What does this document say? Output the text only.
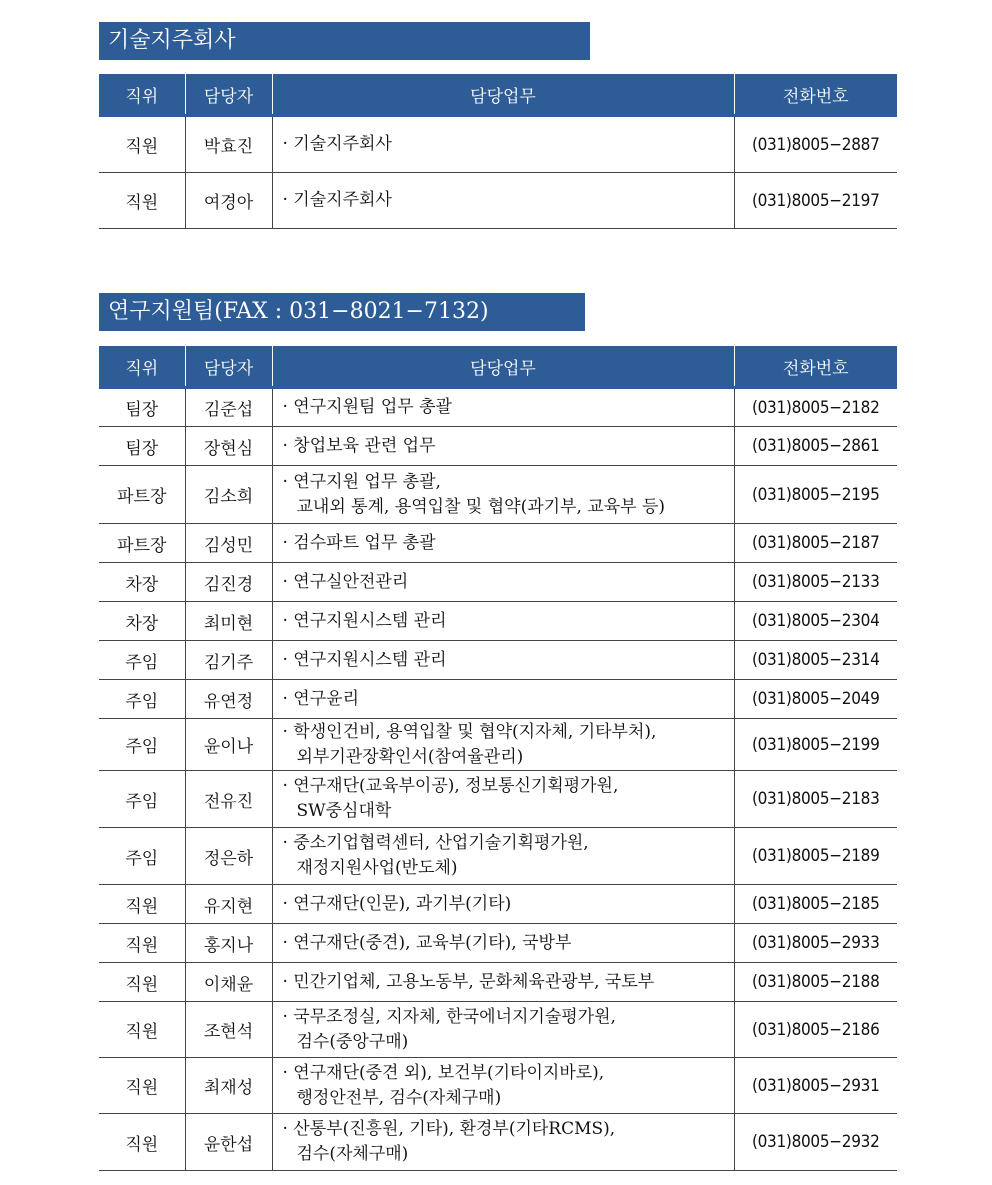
기술지주회사
직위	담당자	담당업무	전화번호
직원	박효진	· 기술지주회사	(031)8005−2887
직원	여경아	· 기술지주회사	(031)8005−2197
연구지원팀(FAX : 031−8021−7132)
직위	담당자	담당업무	전화번호
팀장	김준섭	· 연구지원팀 업무 총괄	(031)8005−2182
팀장	장현심	· 창업보육 관련 업무	(031)8005−2861
파트장	김소희	· 연구지원 업무 총괄,
교내외 통계, 용역입찰 및 협약(과기부, 교육부 등)	(031)8005−2195
파트장	김성민	· 검수파트 업무 총괄	(031)8005−2187
차장	김진경	· 연구실안전관리	(031)8005−2133
차장	최미현	· 연구지원시스템 관리	(031)8005−2304
주임	김기주	· 연구지원시스템 관리	(031)8005−2314
주임	유연정	· 연구윤리	(031)8005−2049
주임	윤이나	· 학생인건비, 용역입찰 및 협약(지자체, 기타부처),
외부기관장확인서(참여율관리)	(031)8005−2199
주임	전유진	· 연구재단(교육부이공), 정보통신기획평가원,
SW중심대학	(031)8005−2183
주임	정은하	· 중소기업협력센터, 산업기술기획평가원,
재정지원사업(반도체)	(031)8005−2189
직원	유지현	· 연구재단(인문), 과기부(기타)	(031)8005−2185
직원	홍지나	· 연구재단(중견), 교육부(기타), 국방부	(031)8005−2933
직원	이채윤	· 민간기업체, 고용노동부, 문화체육관광부, 국토부	(031)8005−2188
직원	조현석	· 국무조정실, 지자체, 한국에너지기술평가원,
검수(중앙구매)	(031)8005−2186
직원	최재성	· 연구재단(중견 외), 보건부(기타이지바로),
행정안전부, 검수(자체구매)	(031)8005−2931
직원	윤한섭	· 산통부(진흥원, 기타), 환경부(기타RCMS),
검수(자체구매)	(031)8005−2932
